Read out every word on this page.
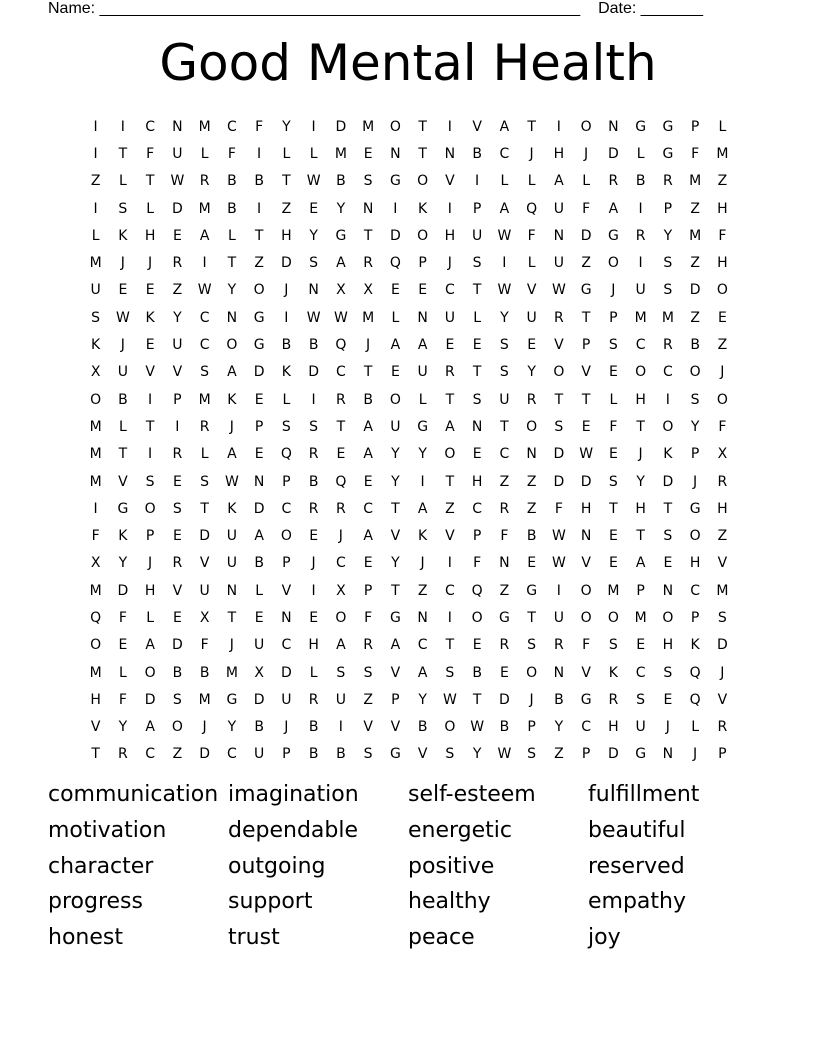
Name: ______________________________________________________ Date: _______
Good Mental Health
I	I	C	N	M	C	F	Y	I	D	M	O	T	I	V	A	T	I	O	N	G	G	P	L
I	T	F	U	L	F	I	L	L	M	E	N	T	N	B	C	J	H	J	D	L	G	F	M
Z	L	T	W	R	B	B	T	W	B	S	G	O	V	I	L	L	A	L	R	B	R	M	Z
I	S	L	D	M	B	I	Z	E	Y	N	I	K	I	P	A	Q	U	F	A	I	P	Z	H
L	K	H	E	A	L	T	H	Y	G	T	D	O	H	U	W	F	N	D	G	R	Y	M	F
M	J	J	R	I	T	Z	D	S	A	R	Q	P	J	S	I	L	U	Z	O	I	S	Z	H
U	E	E	Z	W	Y	O	J	N	X	X	E	E	C	T	W	V	W	G	J	U	S	D	O
S	W	K	Y	C	N	G	I	W W	M	L	N	U	L	Y	U	R	T	P	M	M	Z	E
K	J	E	U	C	O	G	B	B	Q	J	A	A	E	E	S	E	V	P	S	C	R	B	Z
X	U	V	V	S	A	D	K	D	C	T	E	U	R	T	S	Y	O	V	E	O	C	O	J
O	B	I	P	M	K	E	L	I	R	B	O	L	T	S	U	R	T	T	L	H	I	S	O
M	L	T	I	R	J	P	S	S	T	A	U	G	A	N	T	O	S	E	F	T	O	Y	F
M	T	I	R	L	A	E	Q	R	E	A	Y	Y	O	E	C	N	D	W	E	J	K	P	X
M	V	S	E	S	W	N	P	B	Q	E	Y	I	T	H	Z	Z	D	D	S	Y	D	J	R
I	G	O	S	T	K	D	C	R	R	C	T	A	Z	C	R	Z	F	H	T	H	T	G	H
F	K	P	E	D	U	A	O	E	J	A	V	K	V	P	F	B	W	N	E	T	S	O	Z
X	Y	J	R	V	U	B	P	J	C	E	Y	J	I	F	N	E	W	V	E	A	E	H	V
M	D	H	V	U	N	L	V	I	X	P	T	Z	C	Q	Z	G	I	O	M	P	N	C	M
Q	F	L	E	X	T	E	N	E	O	F	G	N	I	O	G	T	U	O	O	M	O	P	S
O	E	A	D	F	J	U	C	H	A	R	A	C	T	E	R	S	R	F	S	E	H	K	D
M	L	O	B	B	M	X	D	L	S	S	V	A	S	B	E	O	N	V	K	C	S	Q	J
H	F	D	S	M	G	D	U	R	U	Z	P	Y	W	T	D	J	B	G	R	S	E	Q	V
V	Y	A	O	J	Y	B	J	B	I	V	V	B	O	W	B	P	Y	C	H	U	J	L	R
T	R	C	Z	D	C	U	P	B	B	S	G	V	S	Y	W	S	Z	P	D	G	N	J	P
communication imagination	self-esteem	fulfillment
motivation	dependable	energetic	beautiful
character	outgoing	positive	reserved
progress	support	healthy	empathy
honest	trust	peace	joy
